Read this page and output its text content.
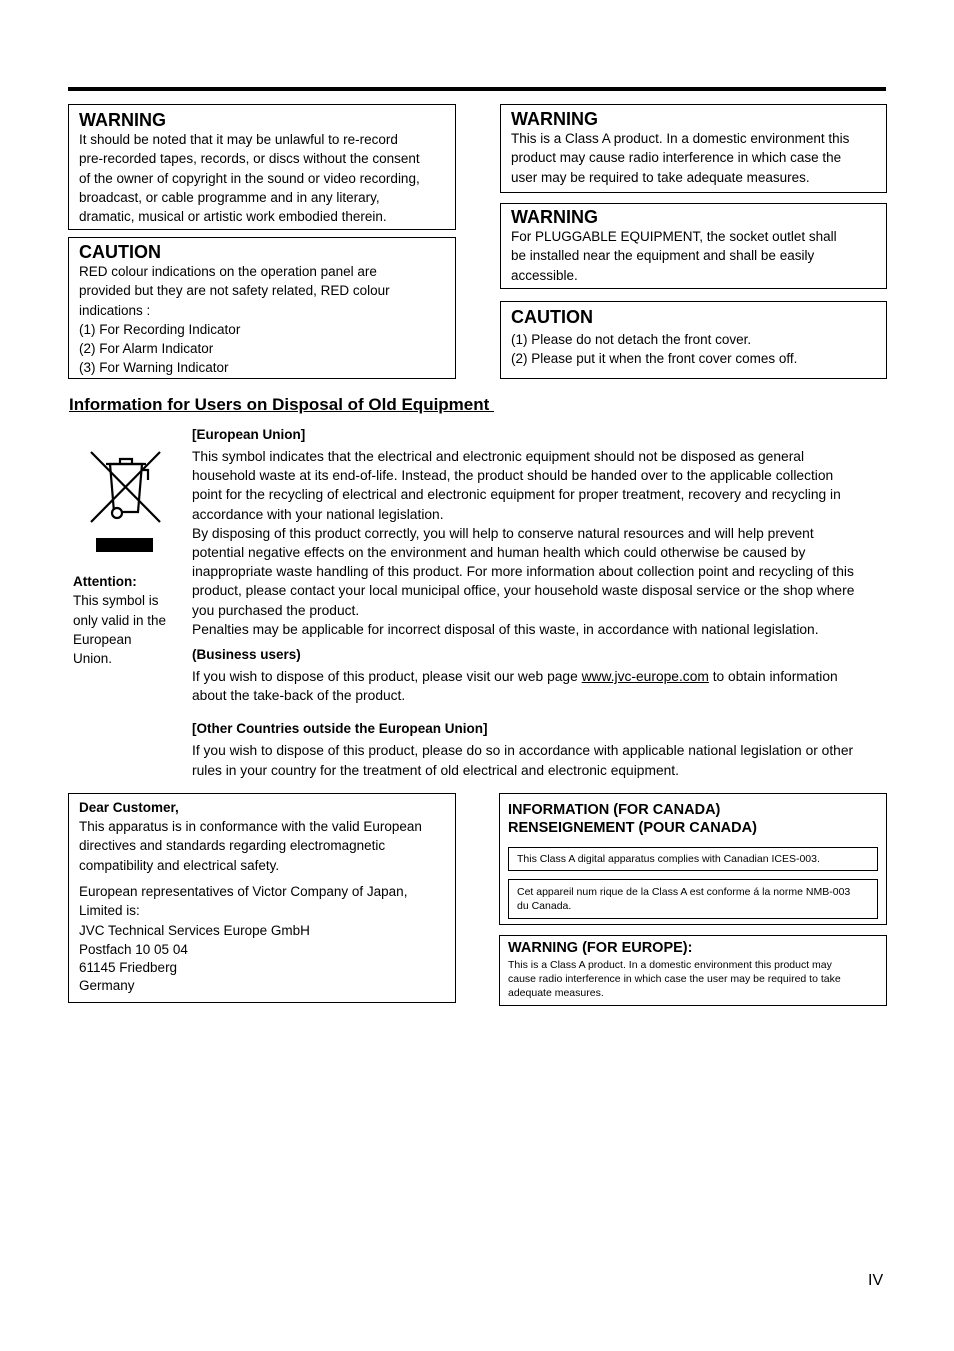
WARNING
It should be noted that it may be unlawful to re-record
pre-recorded tapes, records, or discs without the consent
of the owner of copyright in the sound or video recording,
broadcast, or cable programme and in any literary,
dramatic, musical or artistic work embodied therein.
CAUTION
RED colour indications on the operation panel are
provided but they are not safety related, RED colour
indications :
(1) For Recording Indicator
(2) For Alarm Indicator
(3) For Warning Indicator
WARNING
This is a Class A product. In a domestic environment this
product may cause radio interference in which case the
user may be required to take adequate measures.
WARNING
For PLUGGABLE EQUIPMENT, the socket outlet shall
be installed near the equipment and shall be easily
accessible.
CAUTION
(1) Please do not detach the front cover.
(2) Please put it when the front cover comes off.
Information for Users on Disposal of Old Equipment
Attention:
This symbol is
only valid in the
European
Union.
[European Union]

This symbol indicates that the electrical and electronic equipment should not be disposed as general

household waste at its end-of-life. Instead, the product should be handed over to the applicable collection

point for the recycling of electrical and electronic equipment for proper treatment, recovery and recycling in

accordance with your national legislation.

By disposing of this product correctly, you will help to conserve natural resources and will help prevent

potential negative effects on the environment and human health which could otherwise be caused by

inappropriate waste handling of this product. For more information about collection point and recycling of this

product, please contact your local municipal office, your household waste disposal service or the shop where

you purchased the product.

Penalties may be applicable for incorrect disposal of this waste, in accordance with national legislation.

(Business users)

If you wish to dispose of this product, please visit our web page www.jvc-europe.com to obtain information

about the take-back of the product.

[Other Countries outside the European Union]

If you wish to dispose of this product, please do so in accordance with applicable national legislation or other

rules in your country for the treatment of old electrical and electronic equipment.

Dear Customer,
This apparatus is in conformance with the valid European
directives and standards regarding electromagnetic
compatibility and electrical safety.
European representatives of Victor Company of Japan,
Limited is:
JVC Technical Services Europe GmbH
Postfach 10 05 04
61145 Friedberg
Germany
INFORMATION (FOR CANADA)
RENSEIGNEMENT (POUR CANADA)
This Class A digital apparatus complies with Canadian ICES-003.
Cet appareil num rique de la Class A est conforme á la norme NMB-003
du Canada.
WARNING (FOR EUROPE):
This is a Class A product. In a domestic environment this product may
cause radio interference in which case the user may be required to take
adequate measures.
IV
